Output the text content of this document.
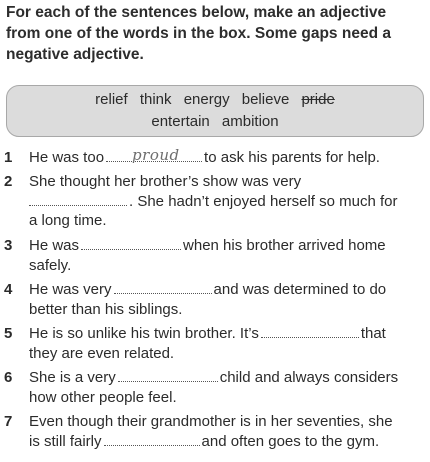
For each of the sentences below, make an adjective
from one of the words in the box. Some gaps need a
negative adjective.
relief think energy believe pride
entertain ambition
1 He was too proud to ask his parents for help.
2 She thought her brother’s show was very
. She hadn’t enjoyed herself so much for
a long time.
3 He was	when his brother arrived home
safely.
4 He was very	and was determined to do
better than his siblings.
5 He is so unlike his twin brother. It’s	that
they are even related.
6 She is a very	child and always considers
how other people feel.
7 Even though their grandmother is in her seventies, she
is still fairly	and often goes to the gym.
